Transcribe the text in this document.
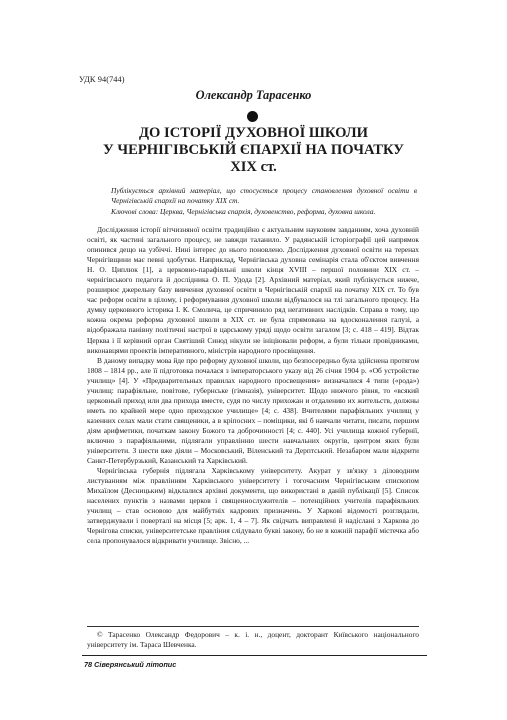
УДК 94(744)
Олександр Тарасенко
ДО ІСТОРІЇ ДУХОВНОЇ ШКОЛИ
У ЧЕРНІГІВСЬКІЙ ЄПАРХІЇ НА ПОЧАТКУ
XIX ст.
Публікується архівний матеріал, що стосується процесу становлення духовної освіти в Чернігівській єпархії на початку XIX ст.
Ключові слова: Церква, Чернігівська єпархія, духовенство, реформа, духовна школа.

Дослідження історії вітчизняної освіти традиційно є актуальним науковим завданням, хоча духовній освіті, як частині загального процесу, не завжди таланило. У радянській історіографії цей напрямок опинився дещо на узбіччі. Нині інтерес до нього поновлено. Дослідження духовної освіти на теренах Чернігівщини має певні здобутки. Наприклад, Чернігівська духовна семінарія стала об'єктом вивчення Н. О. Циплюк [1], а церковно-парафіяльні школи кінця XVIII – першої половини XIX ст. – чернігівського педагога й дослідника О. П. Удода [2]. Архівний матеріал, який публікується нижче, розширює джерельну базу вивчення духовної освіти в Чернігівській єпархії на початку XIX ст. То був час реформ освіти в цілому, і реформування духовної школи відбувалося на тлі загального процесу. На думку церковного історика І. К. Смолича, це спричинило ряд негативних наслідків. Справа в тому, що кожна окрема реформа духовної школи в XIX ст. не була спрямована на вдосконалення галузі, а відображала панівну політичні настрої в царському уряді щодо освіти загалом [3; с. 418 – 419]. Відтак Церква і її керівний орган Святіший Синод нікули не ініціювали реформ, а були тільки провідниками, виконавцями проектів імперативного, міністрів народного просвіщення.

В даному випадку мова йде про реформу духовної школи, що безпосередньо була здійснена протягом 1808 – 1814 рр., але її підготовка почалася з імператорського указу від 26 січня 1904 р. «Об устройстве училищ» [4]. У «Предварительных правилах народного просвещения» визначалися 4 типи («рода») училищ: парафіяльне, повітове, губернське (гімназія), університет. Щодо нижчого рівня, то «всякий церковный приход или два прихода вместе, судя по числу прихожан и отдалению их жительств, должны иметь по крайней мере одно приходское училище» [4; с. 438]. Вчителями парафіяльних училищ у казенних селах мали стати священики, а в кріпосних – поміщики, які б навчали читати, писати, першим діям арифметики, початкам закону Божого та доброчинності [4; с. 440]. Усі училища кожної губернії, включно з парафіяльними, підлягали управлінню шести навчальних округів, центром яких були університети. З шести вже діяли – Московський, Віленський та Дерптський. Незабаром мали відкрити Санкт-Петербурзький, Казанський та Харківський.

Чернігівська губернія підлягала Харківському університету. Акурат у зв'язку з діловодним листуванням між правлінням Харківського університету і тогочасним Чернігівським єпископом Михаїлом (Десницьким) відклалися архівні документи, що використані в даній публікації [5]. Список населених пунктів з назвами церков і священнослужителів – потенційних учителів парафіяльних училищ – став основою для майбутніх кадрових призначень. У Харкові відомості розглядали, затверджували і поверталі на місця [5; арк. 1, 4 – 7]. Як свідчать виправлені й надіслані з Харкова до Чернігова списки, університетське правління слідувало букві закону, бо не в кожній парафії містечка або села пропонувалося відкривати училище. Звісно, ...

© Тарасенко Олександр Федорович – к. і. н., доцент, докторант Київського національного університету ім. Тараса Шевченка.

78 Сіверянський літопис
